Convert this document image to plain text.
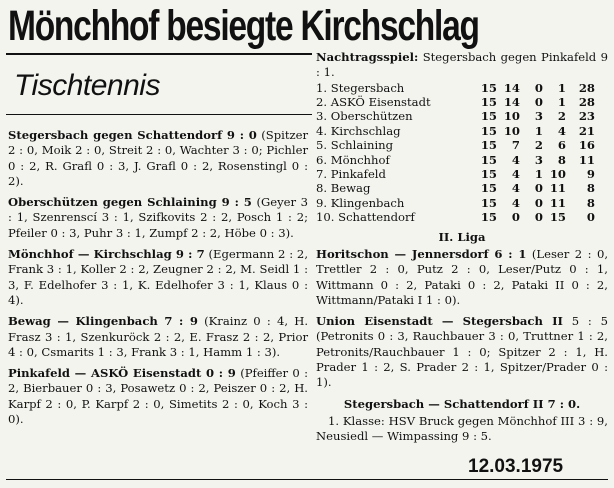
Mönchhof besiegte Kirchschlag
Tischtennis

Stegersbach gegen Schattendorf 9 : 0 (Spitzer 2 : 0, Moik 2 : 0, Streit 2 : 0, Wachter 3 : 0; Pichler 0 : 2, R. Grafl 0 : 3, J. Grafl 0 : 2, Rosenstingl 0 : 2).

Oberschützen gegen Schlaining 9 : 5 (Geyer 3 : 1, Szenrenscí 3 : 1, Szifkovits 2 : 2, Posch 1 : 2; Pfeiler 0 : 3, Puhr 3 : 1, Zumpf 2 : 2, Höbe 0 : 3).

Mönchhof — Kirchschlag 9 : 7 (Egermann 2 : 2, Frank 3 : 1, Koller 2 : 2, Zeugner 2 : 2, M. Seidl 1 : 3, F. Edelhofer 3 : 1, K. Edelhofer 3 : 1, Klaus 0 : 4).

Bewag — Klingenbach 7 : 9 (Krainz 0 : 4, H. Frasz 3 : 1, Szenkuröck 2 : 2, E. Frasz 2 : 2, Prior 4 : 0, Csmarits 1 : 3, Frank 3 : 1, Hamm 1 : 3).

Pinkafeld — ASKÖ Eisenstadt 0 : 9 (Pfeiffer 0 : 2, Bierbauer 0 : 3, Posawetz 0 : 2, Peiszer 0 : 2, H. Karpf 2 : 0, P. Karpf 2 : 0, Simetits 2 : 0, Koch 3 : 0).

Nachtragsspiel: Stegersbach gegen Pinkafeld 9 : 1.

1. Stegersbach	15	14	0	1	28
2. ASKÖ Eisenstadt	15	14	0	1	28
3. Oberschützen	15	10	3	2	23
4. Kirchschlag	15	10	1	4	21
5. Schlaining	15	7	2	6	16
6. Mönchhof	15	4	3	8	11
7. Pinkafeld	15	4	1	10	9
8. Bewag	15	4	0	11	8
9. Klingenbach	15	4	0	11	8
10. Schattendorf	15	0	0	15	0
II. Liga

Horitschon — Jennersdorf 6 : 1 (Leser 2 : 0, Trettler 2 : 0, Putz 2 : 0, Leser/Putz 0 : 1, Wittmann 0 : 2, Pataki 0 : 2, Pataki II 0 : 2, Wittmann/Pataki I 1 : 0).

Union Eisenstadt — Stegersbach II 5 : 5 (Petronits 0 : 3, Rauchbauer 3 : 0, Truttner 1 : 2, Petronits/Rauchbauer 1 : 0; Spitzer 2 : 1, H. Prader 1 : 2, S. Prader 2 : 1, Spitzer/Prader 0 : 1).

Stegersbach — Schattendorf II 7 : 0.

1. Klasse: HSV Bruck gegen Mönchhof III 3 : 9, Neusiedl — Wimpassing 9 : 5.

12.03.1975
